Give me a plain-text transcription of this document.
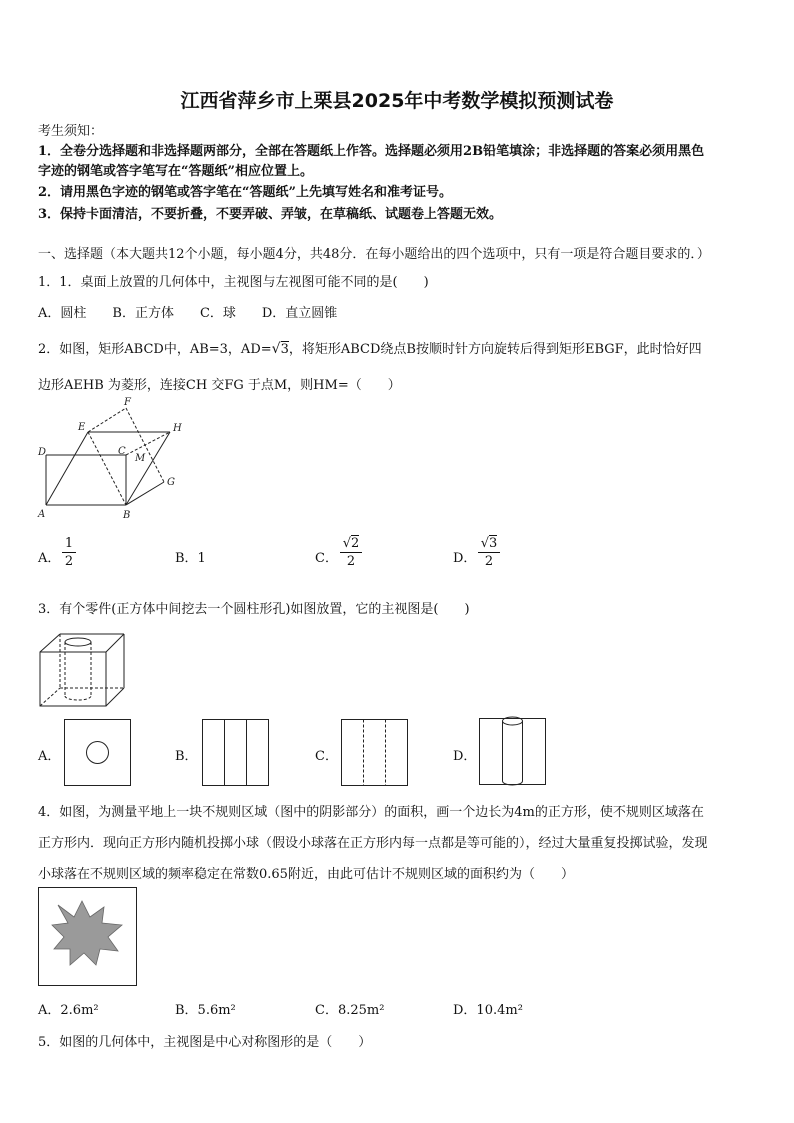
江西省萍乡市上栗县2025年中考数学模拟预测试卷
考生须知：
1．全卷分选择题和非选择题两部分，全部在答题纸上作答。选择题必须用2B铅笔填涂；非选择题的答案必须用黑色
字迹的钢笔或答字笔写在“答题纸”相应位置上。
2．请用黑色字迹的钢笔或答字笔在“答题纸”上先填写姓名和准考证号。
3．保持卡面清洁，不要折叠，不要弄破、弄皱，在草稿纸、试题卷上答题无效。
一、选择题（本大题共12个小题，每小题4分，共48分．在每小题给出的四个选项中，只有一项是符合题目要求的．）
1．1．桌面上放置的几何体中，主视图与左视图可能不同的是(　　)
A．圆柱　　B．正方体　　C．球　　D．直立圆锥
2．如图，矩形ABCD中，AB=3，AD=√3，将矩形ABCD绕点B按顺时针方向旋转后得到矩形EBGF，此时恰好四
边形AEHB 为菱形，连接CH 交FG 于点M，则HM=（　　）
F
E	H
D	C
M
G
A	B
A．
1
2	B．1	C．
√2
2	D．
√3
2
3．有个零件(正方体中间挖去一个圆柱形孔)如图放置，它的主视图是(　　)
A．	B．	C．	D．
4．如图，为测量平地上一块不规则区域（图中的阴影部分）的面积，画一个边长为4m的正方形，使不规则区域落在
正方形内．现向正方形内随机投掷小球（假设小球落在正方形内每一点都是等可能的），经过大量重复投掷试验，发现
小球落在不规则区域的频率稳定在常数0.65附近，由此可估计不规则区域的面积约为（　　）
A．2.6m²	B．5.6m²	C．8.25m²	D．10.4m²
5．如图的几何体中，主视图是中心对称图形的是（　　）
